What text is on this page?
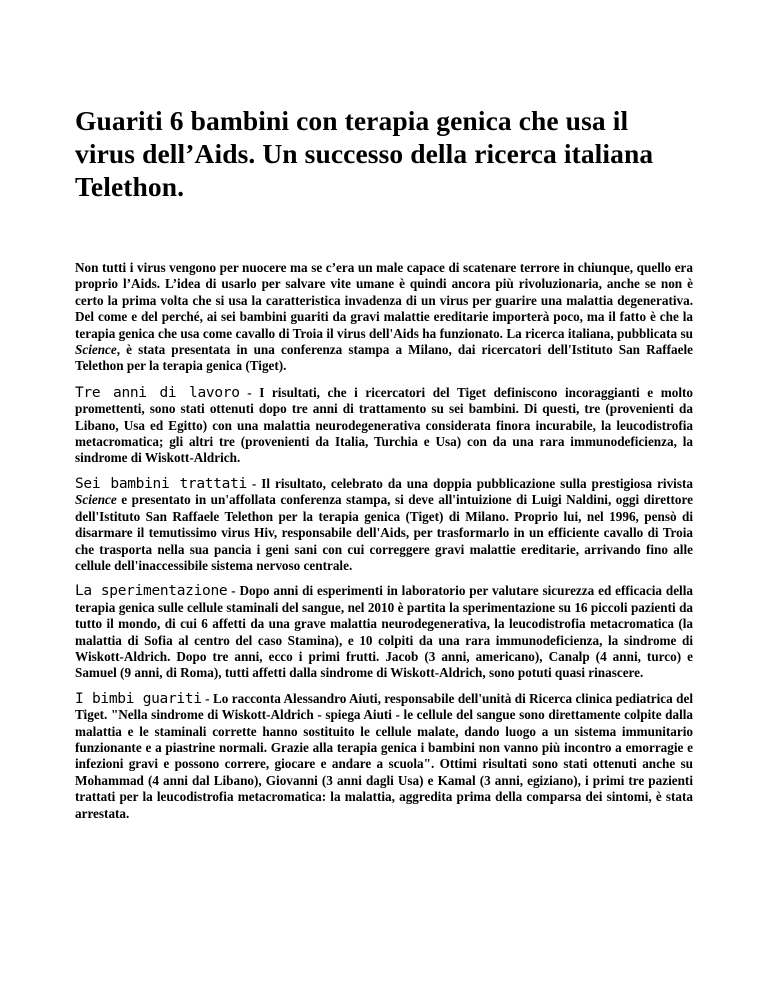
Guariti 6 bambini con terapia genica che usa il virus dell’Aids. Un successo della ricerca italiana Telethon.

Non tutti i virus vengono per nuocere ma se c’era un male capace di scatenare terrore in chiunque, quello era proprio l’Aids. L’idea di usarlo per salvare vite umane è quindi ancora più rivoluzionaria, anche se non è certo la prima volta che si usa la caratteristica invadenza di un virus per guarire una malattia degenerativa. Del come e del perché, ai sei bambini guariti da gravi malattie ereditarie importerà poco, ma il fatto è che la terapia genica che usa come cavallo di Troia il virus dell'Aids ha funzionato. La ricerca italiana, pubblicata su Science, è stata presentata in una conferenza stampa a Milano, dai ricercatori dell'Istituto San Raffaele Telethon per la terapia genica (Tiget).

Tre anni di lavoro - I risultati, che i ricercatori del Tiget definiscono incoraggianti e molto promettenti, sono stati ottenuti dopo tre anni di trattamento su sei bambini. Di questi, tre (provenienti da Libano, Usa ed Egitto) con una malattia neurodegenerativa considerata finora incurabile, la leucodistrofia metacromatica; gli altri tre (provenienti da Italia, Turchia e Usa) con da una rara immunodeficienza, la sindrome di Wiskott-Aldrich.

Sei bambini trattati - Il risultato, celebrato da una doppia pubblicazione sulla prestigiosa rivista Science e presentato in un'affollata conferenza stampa, si deve all'intuizione di Luigi Naldini, oggi direttore dell'Istituto San Raffaele Telethon per la terapia genica (Tiget) di Milano. Proprio lui, nel 1996, pensò di disarmare il temutissimo virus Hiv, responsabile dell'Aids, per trasformarlo in un efficiente cavallo di Troia che trasporta nella sua pancia i geni sani con cui correggere gravi malattie ereditarie, arrivando fino alle cellule dell'inaccessibile sistema nervoso centrale.

La sperimentazione - Dopo anni di esperimenti in laboratorio per valutare sicurezza ed efficacia della terapia genica sulle cellule staminali del sangue, nel 2010 è partita la sperimentazione su 16 piccoli pazienti da tutto il mondo, di cui 6 affetti da una grave malattia neurodegenerativa, la leucodistrofia metacromatica (la malattia di Sofia al centro del caso Stamina), e 10 colpiti da una rara immunodeficienza, la sindrome di Wiskott-Aldrich. Dopo tre anni, ecco i primi frutti. Jacob (3 anni, americano), Canalp (4 anni, turco) e Samuel (9 anni, di Roma), tutti affetti dalla sindrome di Wiskott-Aldrich, sono potuti quasi rinascere.

I bimbi guariti - Lo racconta Alessandro Aiuti, responsabile dell'unità di Ricerca clinica pediatrica del Tiget. "Nella sindrome di Wiskott-Aldrich - spiega Aiuti - le cellule del sangue sono direttamente colpite dalla malattia e le staminali corrette hanno sostituito le cellule malate, dando luogo a un sistema immunitario funzionante e a piastrine normali. Grazie alla terapia genica i bambini non vanno più incontro a emorragie e infezioni gravi e possono correre, giocare e andare a scuola". Ottimi risultati sono stati ottenuti anche su Mohammad (4 anni dal Libano), Giovanni (3 anni dagli Usa) e Kamal (3 anni, egiziano), i primi tre pazienti trattati per la leucodistrofia metacromatica: la malattia, aggredita prima della comparsa dei sintomi, è stata arrestata.
